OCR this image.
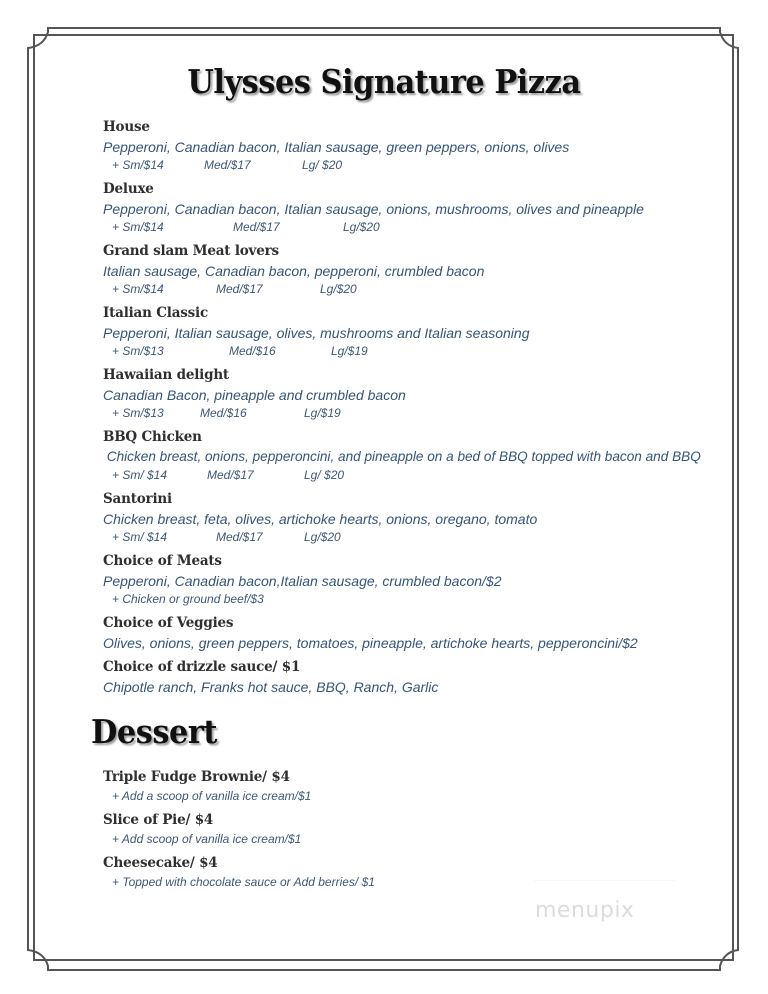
Ulysses Signature Pizza
House
Pepperoni, Canadian bacon, Italian sausage, green peppers, onions, olives
+ Sm/$14	Med/$17	Lg/ $20
Deluxe
Pepperoni, Canadian bacon, Italian sausage, onions, mushrooms, olives and pineapple
+ Sm/$14	Med/$17	Lg/$20
Grand slam Meat lovers
Italian sausage, Canadian bacon, pepperoni, crumbled bacon
+ Sm/$14	Med/$17	Lg/$20
Italian Classic
Pepperoni, Italian sausage, olives, mushrooms and Italian seasoning
+ Sm/$13	Med/$16	Lg/$19
Hawaiian delight
Canadian Bacon, pineapple and crumbled bacon
+ Sm/$13	Med/$16	Lg/$19
BBQ Chicken
Chicken breast, onions, pepperoncini, and pineapple on a bed of BBQ topped with bacon and BBQ
+ Sm/ $14	Med/$17	Lg/ $20
Santorini
Chicken breast, feta, olives, artichoke hearts, onions, oregano, tomato
+ Sm/ $14	Med/$17	Lg/$20
Choice of Meats
Pepperoni, Canadian bacon,Italian sausage, crumbled bacon/$2
+ Chicken or ground beef/$3
Choice of Veggies
Olives, onions, green peppers, tomatoes, pineapple, artichoke hearts, pepperoncini/$2
Choice of drizzle sauce/ $1
Chipotle ranch, Franks hot sauce, BBQ, Ranch, Garlic
Dessert
Triple Fudge Brownie/ $4
+ Add a scoop of vanilla ice cream/$1
Slice of Pie/ $4
+ Add scoop of vanilla ice cream/$1
Cheesecake/ $4
+ Topped with chocolate sauce or Add berries/ $1
menupix
